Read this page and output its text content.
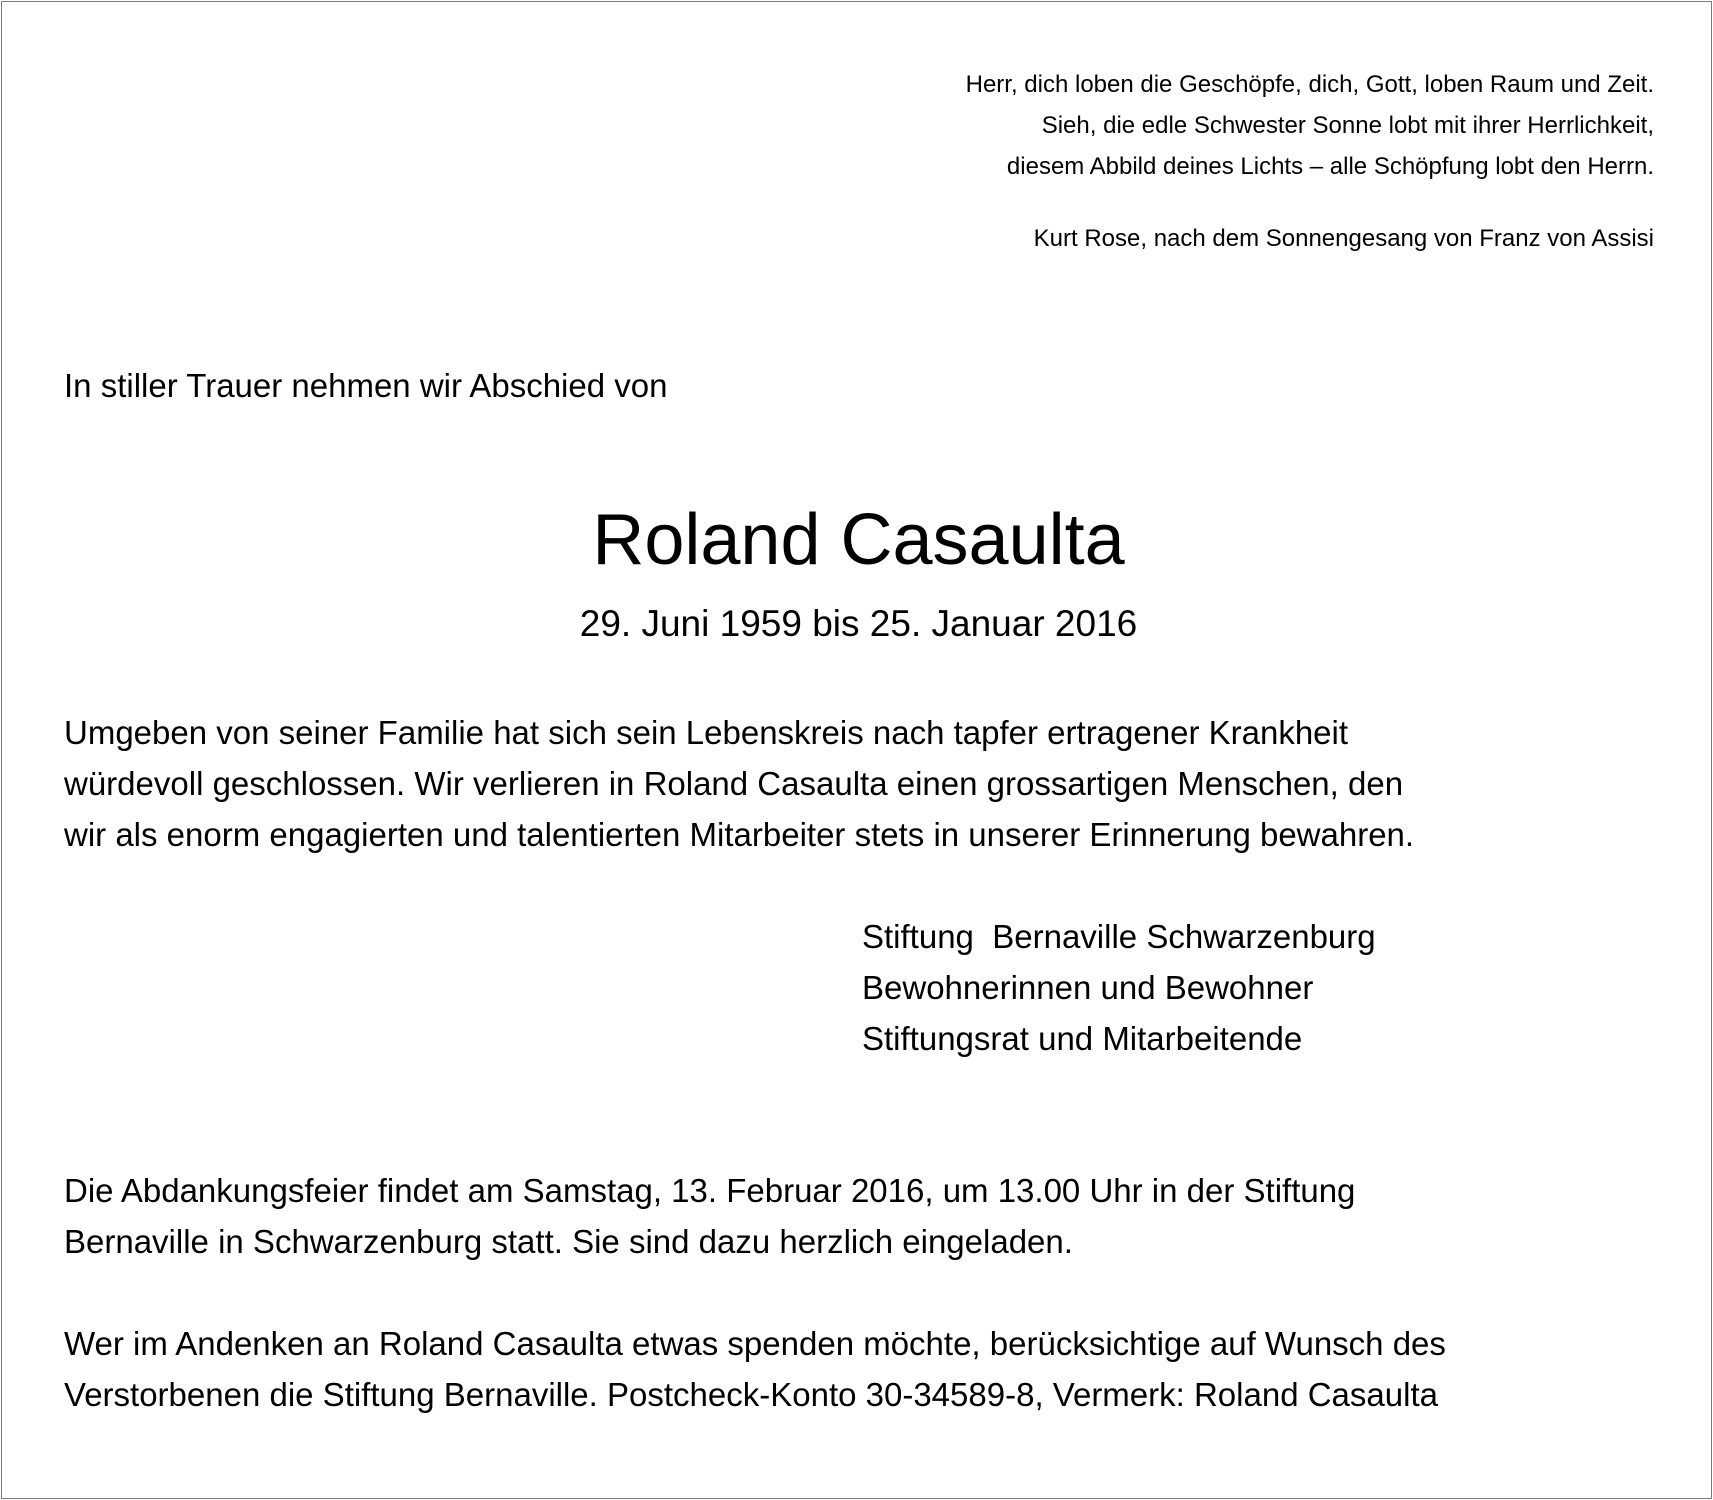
Herr, dich loben die Geschöpfe, dich, Gott, loben Raum und Zeit.
Sieh, die edle Schwester Sonne lobt mit ihrer Herrlichkeit,
diesem Abbild deines Lichts – alle Schöpfung lobt den Herrn.
Kurt Rose, nach dem Sonnengesang von Franz von Assisi
In stiller Trauer nehmen wir Abschied von
Roland Casaulta
29. Juni 1959 bis 25. Januar 2016
Umgeben von seiner Familie hat sich sein Lebenskreis nach tapfer ertragener Krankheit
würdevoll geschlossen. Wir verlieren in Roland Casaulta einen grossartigen Menschen, den
wir als enorm engagierten und talentierten Mitarbeiter stets in unserer Erinnerung bewahren.
Stiftung  Bernaville Schwarzenburg
Bewohnerinnen und Bewohner
Stiftungsrat und Mitarbeitende
Die Abdankungsfeier findet am Samstag, 13. Februar 2016, um 13.00 Uhr in der Stiftung
Bernaville in Schwarzenburg statt. Sie sind dazu herzlich eingeladen.
Wer im Andenken an Roland Casaulta etwas spenden möchte, berücksichtige auf Wunsch des
Verstorbenen die Stiftung Bernaville. Postcheck-Konto 30-34589-8, Vermerk: Roland Casaulta
